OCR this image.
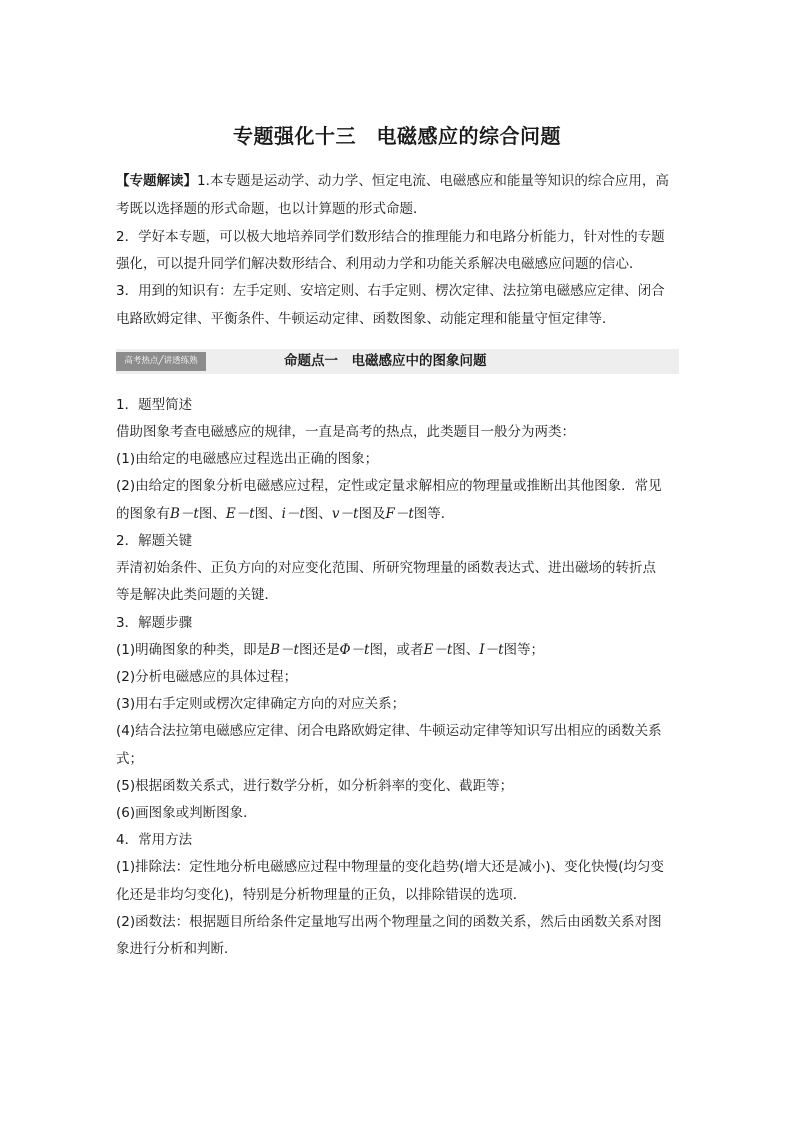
专题强化十三　电磁感应的综合问题
【专题解读】1.本专题是运动学、动力学、恒定电流、电磁感应和能量等知识的综合应用，高
考既以选择题的形式命题，也以计算题的形式命题．
2．学好本专题，可以极大地培养同学们数形结合的推理能力和电路分析能力，针对性的专题
强化，可以提升同学们解决数形结合、利用动力学和功能关系解决电磁感应问题的信心．
3．用到的知识有：左手定则、安培定则、右手定则、楞次定律、法拉第电磁感应定律、闭合
电路欧姆定律、平衡条件、牛顿运动定律、函数图象、动能定理和能量守恒定律等．
高考热点╱讲透练熟	命题点一　电磁感应中的图象问题
1．题型简述
借助图象考查电磁感应的规律，一直是高考的热点，此类题目一般分为两类：
(1)由给定的电磁感应过程选出正确的图象；
(2)由给定的图象分析电磁感应过程，定性或定量求解相应的物理量或推断出其他图象．常见
的图象有B－t图、E－t图、i－t图、v－t图及F－t图等．
2．解题关键
弄清初始条件、正负方向的对应变化范围、所研究物理量的函数表达式、进出磁场的转折点
等是解决此类问题的关键．
3．解题步骤
(1)明确图象的种类，即是B－t图还是Φ－t图，或者E－t图、I－t图等；
(2)分析电磁感应的具体过程；
(3)用右手定则或楞次定律确定方向的对应关系；
(4)结合法拉第电磁感应定律、闭合电路欧姆定律、牛顿运动定律等知识写出相应的函数关系
式；
(5)根据函数关系式，进行数学分析，如分析斜率的变化、截距等；
(6)画图象或判断图象．
4．常用方法
(1)排除法：定性地分析电磁感应过程中物理量的变化趋势(增大还是减小)、变化快慢(均匀变
化还是非均匀变化)，特别是分析物理量的正负，以排除错误的选项．
(2)函数法：根据题目所给条件定量地写出两个物理量之间的函数关系，然后由函数关系对图
象进行分析和判断．
